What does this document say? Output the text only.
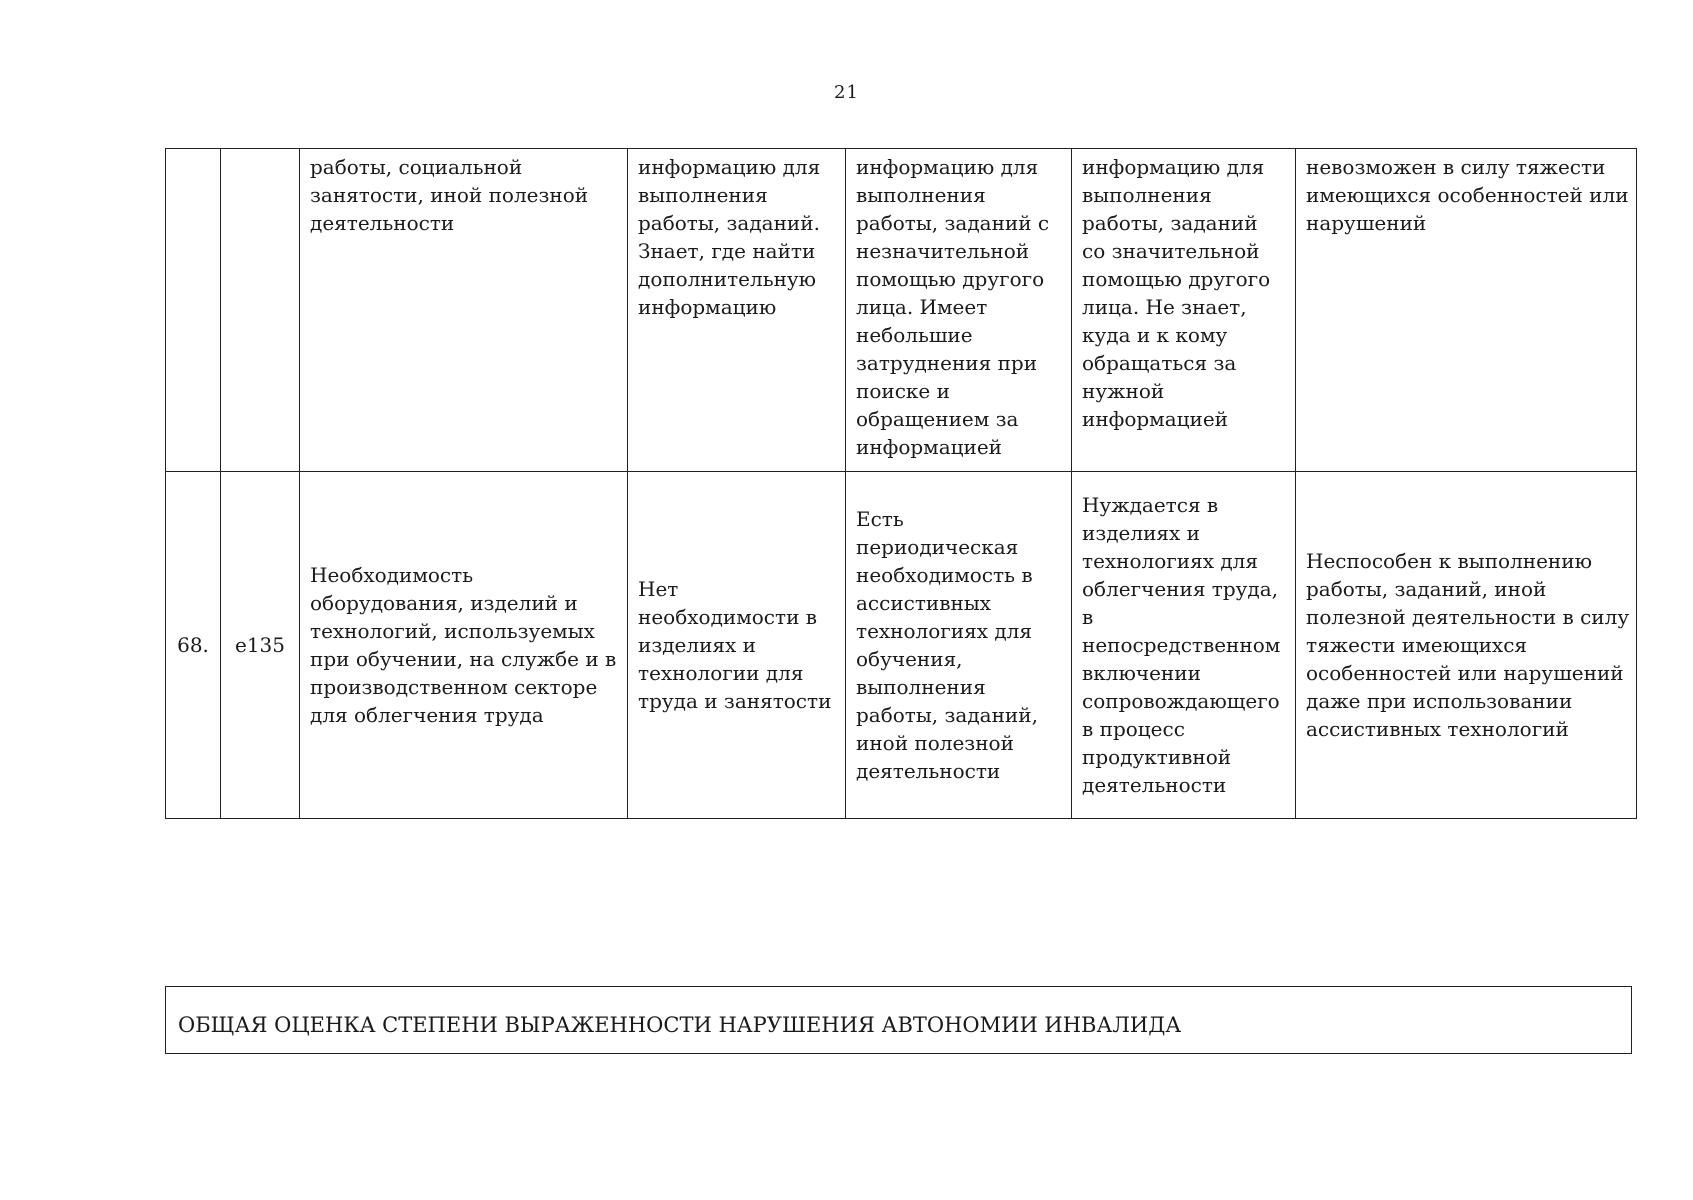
21
		работы, социальной занятости, иной полезной деятельности	информацию для выполнения работы, заданий. Знает, где найти дополнительную информацию	информацию для выполнения работы, заданий с незначительной помощью другого лица. Имеет небольшие затруднения при поиске и обращением за информацией	информацию для выполнения работы, заданий со значительной помощью другого лица. Не знает, куда и к кому обращаться за нужной информацией	невозможен в силу тяжести имеющихся особенностей или нарушений
68.	e135	Необходимость оборудования, изделий и технологий, используемых при обучении, на службе и в производственном секторе для облегчения труда	Нет необходимости в изделиях и технологии для труда и занятости	Есть периодическая необходимость в ассистивных технологиях для обучения, выполнения работы, заданий, иной полезной деятельности	Нуждается в изделиях и технологиях для облегчения труда, в непосредственном включении сопровождающего в процесс продуктивной деятельности	Неспособен к выполнению работы, заданий, иной полезной деятельности в силу тяжести имеющихся особенностей или нарушений даже при использовании ассистивных технологий
ОБЩАЯ ОЦЕНКА СТЕПЕНИ ВЫРАЖЕННОСТИ НАРУШЕНИЯ АВТОНОМИИ ИНВАЛИДА
